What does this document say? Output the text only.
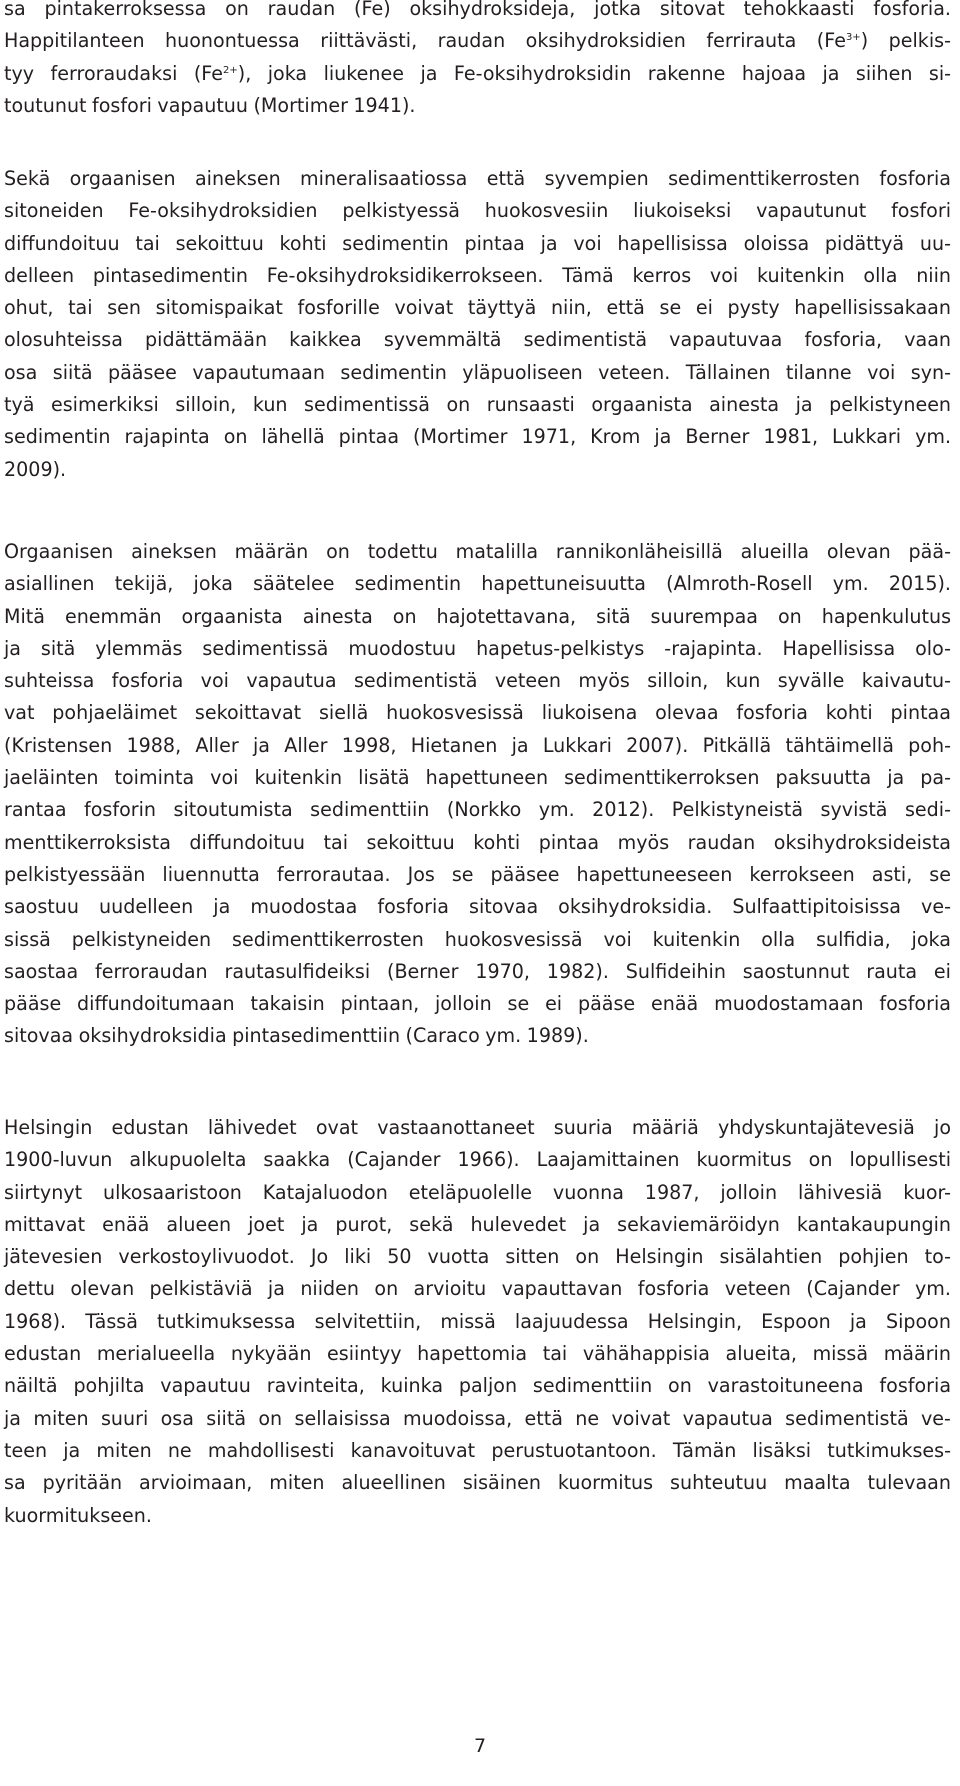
sa pintakerroksessa on raudan (Fe) oksihydroksideja, jotka sitovat tehokkaasti fosforia.
Happitilanteen huonontuessa riittävästi, raudan oksihydroksidien ferrirauta $(Fe^{3+})$ pelkis-
tyy ferroraudaksi $(Fe^{2+})$, joka liukenee ja Fe-oksihydroksidin rakenne hajoaa ja siihen si-
toutunut fosfori vapautuu (Mortimer 1941).
Sekä orgaanisen aineksen mineralisaatiossa että syvempien sedimenttikerrosten fosforia
sitoneiden Fe-oksihydroksidien pelkistyessä huokosvesiin liukoiseksi vapautunut fosfori
diffundoituu tai sekoittuu kohti sedimentin pintaa ja voi hapellisissa oloissa pidättyä uu-
delleen pintasedimentin Fe-oksihydroksidikerrokseen. Tämä kerros voi kuitenkin olla niin
ohut, tai sen sitomispaikat fosforille voivat täyttyä niin, että se ei pysty hapellisissakaan
olosuhteissa pidättämään kaikkea syvemmältä sedimentistä vapautuvaa fosforia, vaan
osa siitä pääsee vapautumaan sedimentin yläpuoliseen veteen. Tällainen tilanne voi syn-
tyä esimerkiksi silloin, kun sedimentissä on runsaasti orgaanista ainesta ja pelkistyneen
sedimentin rajapinta on lähellä pintaa (Mortimer 1971, Krom ja Berner 1981, Lukkari ym.
2009).
Orgaanisen aineksen määrän on todettu matalilla rannikonläheisillä alueilla olevan pää-
asiallinen tekijä, joka säätelee sedimentin hapettuneisuutta (Almroth-Rosell ym. 2015).
Mitä enemmän orgaanista ainesta on hajotettavana, sitä suurempaa on hapenkulutus
ja sitä ylemmäs sedimentissä muodostuu hapetus-pelkistys -rajapinta. Hapellisissa olo-
suhteissa fosforia voi vapautua sedimentistä veteen myös silloin, kun syvälle kaivautu-
vat pohjaeläimet sekoittavat siellä huokosvesissä liukoisena olevaa fosforia kohti pintaa
(Kristensen 1988, Aller ja Aller 1998, Hietanen ja Lukkari 2007). Pitkällä tähtäimellä poh-
jaeläinten toiminta voi kuitenkin lisätä hapettuneen sedimenttikerroksen paksuutta ja pa-
rantaa fosforin sitoutumista sedimenttiin (Norkko ym. 2012). Pelkistyneistä syvistä sedi-
menttikerroksista diffundoituu tai sekoittuu kohti pintaa myös raudan oksihydroksideista
pelkistyessään liuennutta ferrorautaa. Jos se pääsee hapettuneeseen kerrokseen asti, se
saostuu uudelleen ja muodostaa fosforia sitovaa oksihydroksidia. Sulfaattipitoisissa ve-
sissä pelkistyneiden sedimenttikerrosten huokosvesissä voi kuitenkin olla sulfidia, joka
saostaa ferroraudan rautasulfideiksi (Berner 1970, 1982). Sulfideihin saostunnut rauta ei
pääse diffundoitumaan takaisin pintaan, jolloin se ei pääse enää muodostamaan fosforia
sitovaa oksihydroksidia pintasedimenttiin (Caraco ym. 1989).
Helsingin edustan lähivedet ovat vastaanottaneet suuria määriä yhdyskuntajätevesiä jo
1900-luvun alkupuolelta saakka (Cajander 1966). Laajamittainen kuormitus on lopullisesti
siirtynyt ulkosaaristoon Katajaluodon eteläpuolelle vuonna 1987, jolloin lähivesiä kuor-
mittavat enää alueen joet ja purot, sekä hulevedet ja sekaviemäröidyn kantakaupungin
jätevesien verkostoylivuodot. Jo liki 50 vuotta sitten on Helsingin sisälahtien pohjien to-
dettu olevan pelkistäviä ja niiden on arvioitu vapauttavan fosforia veteen (Cajander ym.
1968). Tässä tutkimuksessa selvitettiin, missä laajuudessa Helsingin, Espoon ja Sipoon
edustan merialueella nykyään esiintyy hapettomia tai vähähappisia alueita, missä määrin
näiltä pohjilta vapautuu ravinteita, kuinka paljon sedimenttiin on varastoituneena fosforia
ja miten suuri osa siitä on sellaisissa muodoissa, että ne voivat vapautua sedimentistä ve-
teen ja miten ne mahdollisesti kanavoituvat perustuotantoon. Tämän lisäksi tutkimukses-
sa pyritään arvioimaan, miten alueellinen sisäinen kuormitus suhteutuu maalta tulevaan
kuormitukseen.
7
